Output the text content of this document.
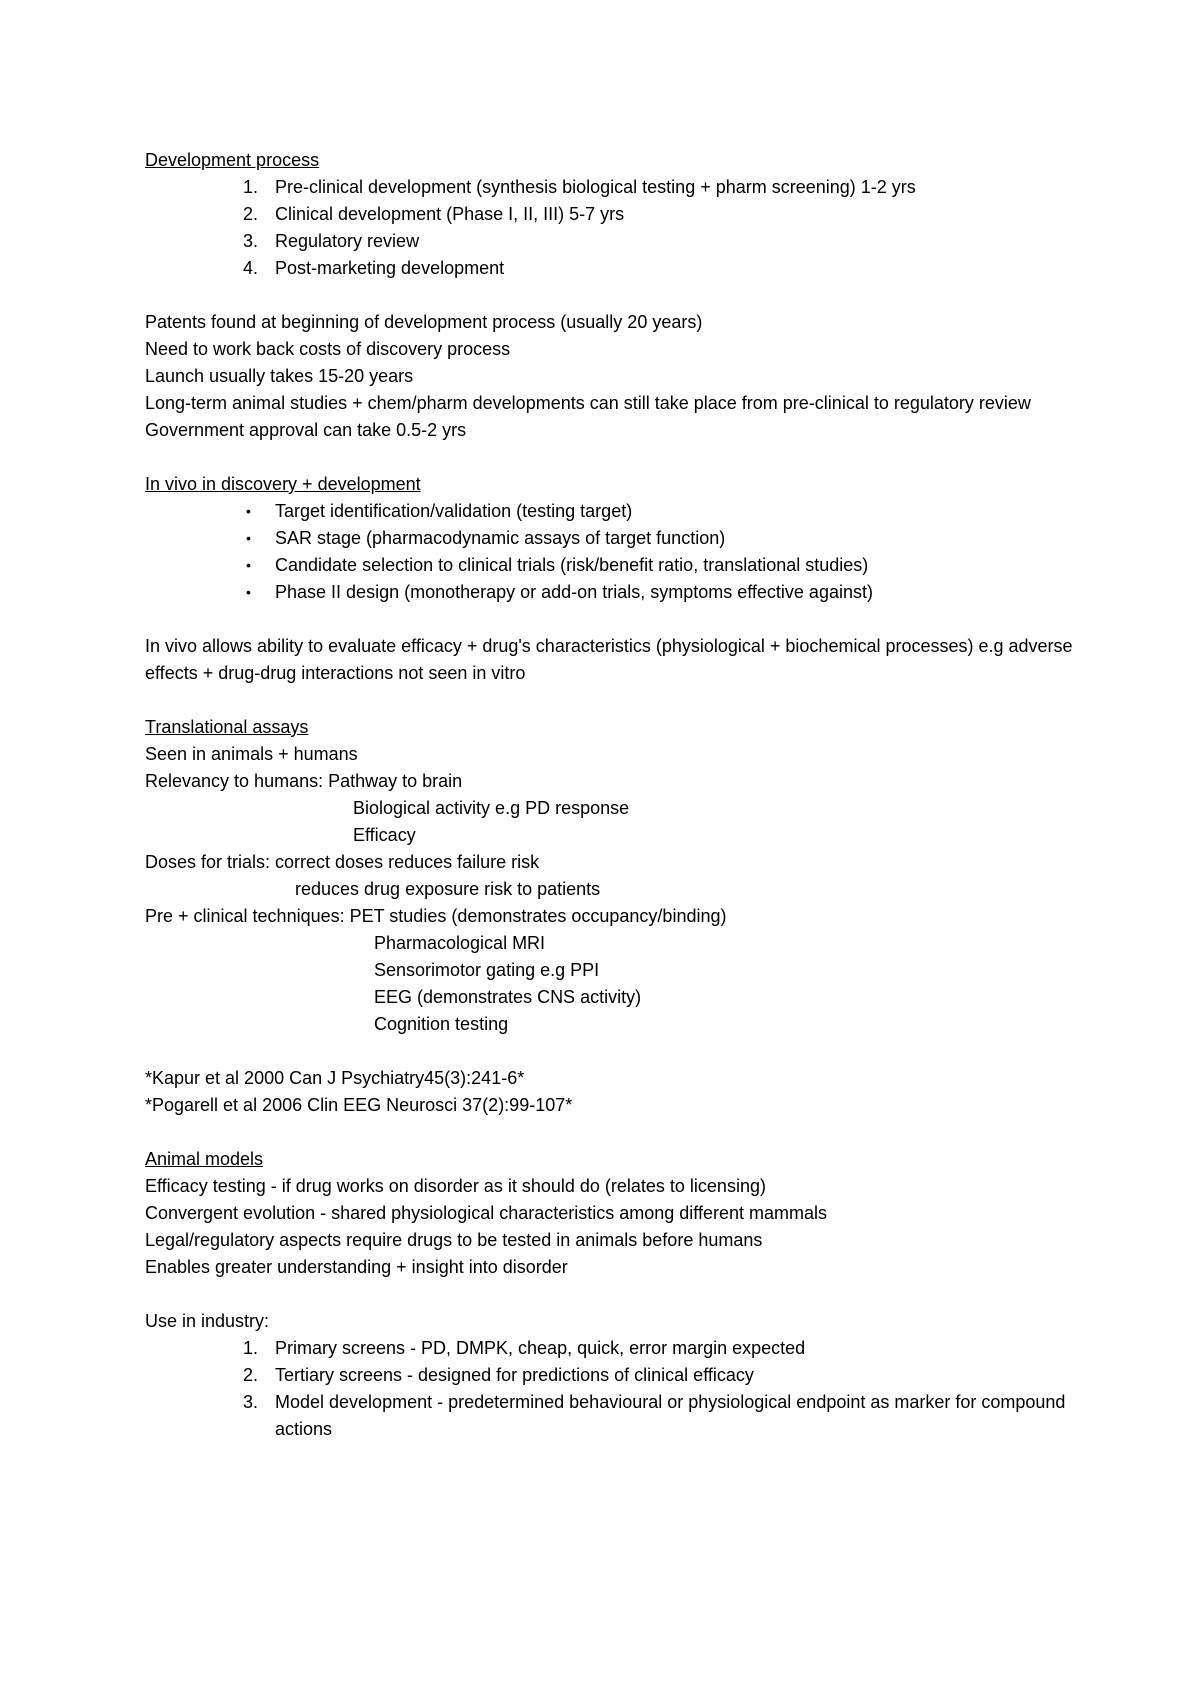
Development process

1. Pre-clinical development (synthesis biological testing + pharm screening) 1-2 yrs
2. Clinical development (Phase I, II, III) 5-7 yrs
3. Regulatory review
4. Post-marketing development

Patents found at beginning of development process (usually 20 years)

Need to work back costs of discovery process

Launch usually takes 15-20 years

Long-term animal studies + chem/pharm developments can still take place from pre-clinical to regulatory review

Government approval can take 0.5-2 yrs

In vivo in discovery + development

•	Target identification/validation (testing target)
•	SAR stage (pharmacodynamic assays of target function)
•	Candidate selection to clinical trials (risk/benefit ratio, translational studies)
•	Phase II design (monotherapy or add-on trials, symptoms effective against)

In vivo allows ability to evaluate efficacy + drug's characteristics (physiological + biochemical processes) e.g adverse effects + drug-drug interactions not seen in vitro

Translational assays

Seen in animals + humans

Relevancy to humans: Pathway to brain

Biological activity e.g PD response

Efficacy

Doses for trials: correct doses reduces failure risk

reduces drug exposure risk to patients

Pre + clinical techniques: PET studies (demonstrates occupancy/binding)

Pharmacological MRI

Sensorimotor gating e.g PPI

EEG (demonstrates CNS activity)

Cognition testing

*Kapur et al 2000 Can J Psychiatry45(3):241-6*

*Pogarell et al 2006 Clin EEG Neurosci 37(2):99-107*

Animal models

Efficacy testing - if drug works on disorder as it should do (relates to licensing)

Convergent evolution - shared physiological characteristics among different mammals

Legal/regulatory aspects require drugs to be tested in animals before humans

Enables greater understanding + insight into disorder

Use in industry:

1. Primary screens - PD, DMPK, cheap, quick, error margin expected
2. Tertiary screens - designed for predictions of clinical efficacy
3. Model development - predetermined behavioural or physiological endpoint as marker for compound actions
